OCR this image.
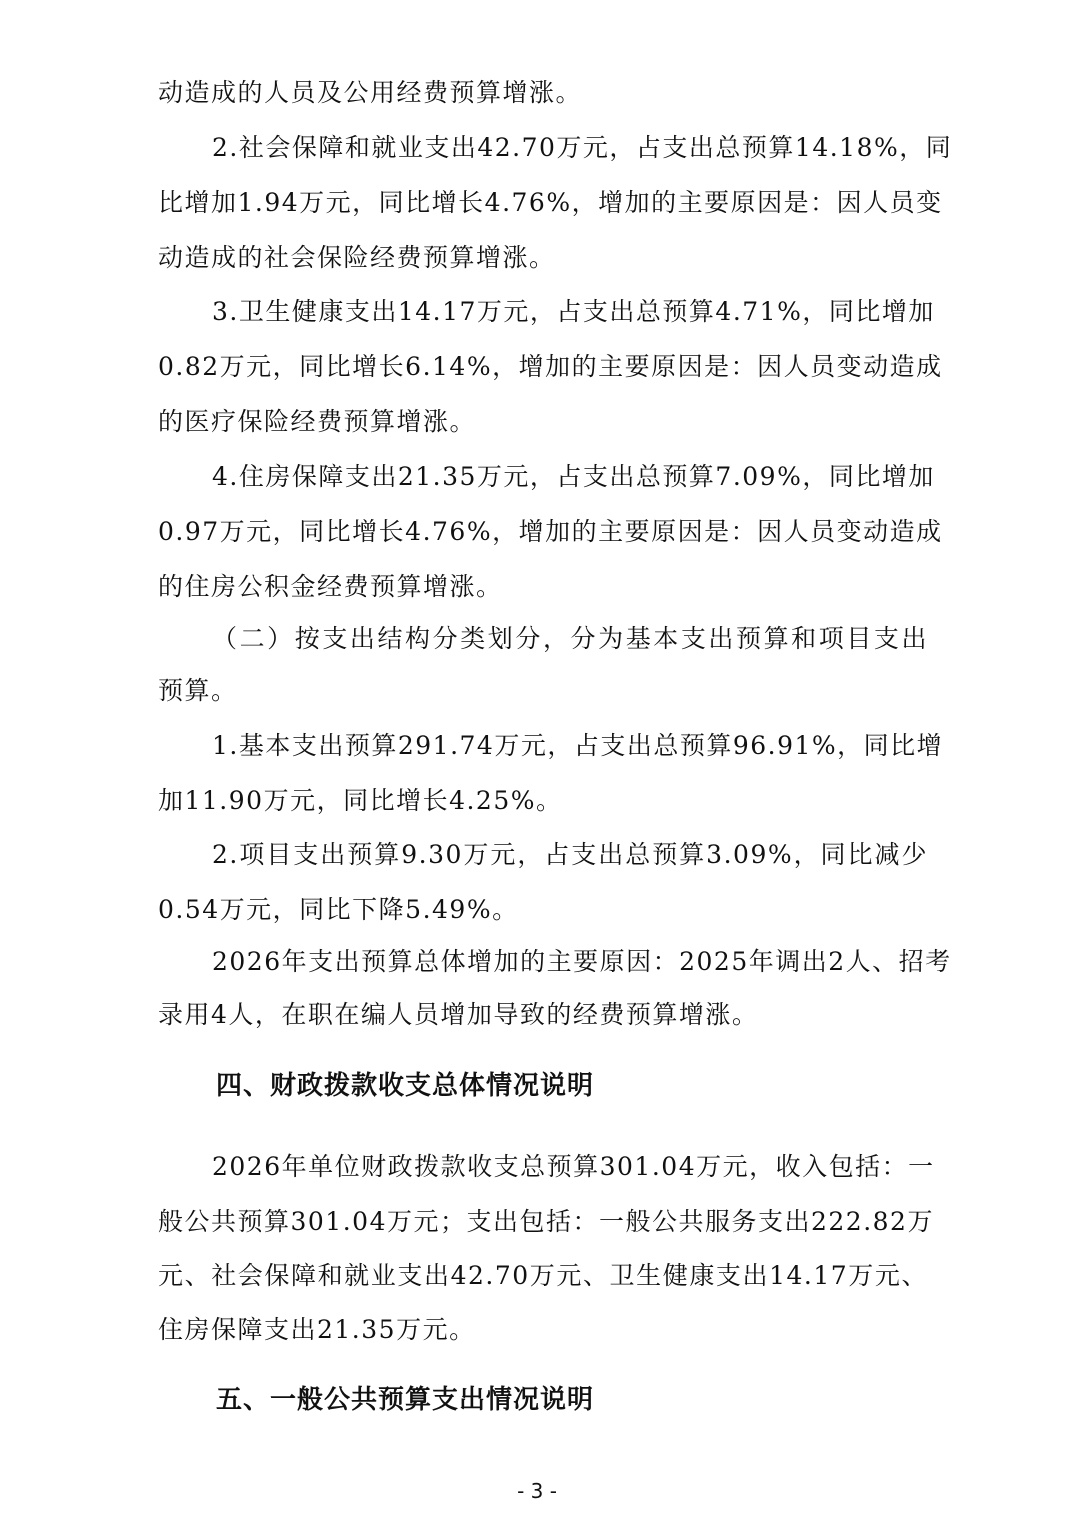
动造成的人员及公用经费预算增涨。
2.社会保障和就业支出42.70万元，占支出总预算14.18%，同
比增加1.94万元，同比增长4.76%，增加的主要原因是：因人员变
动造成的社会保险经费预算增涨。
3.卫生健康支出14.17万元，占支出总预算4.71%，同比增加
0.82万元，同比增长6.14%，增加的主要原因是：因人员变动造成
的医疗保险经费预算增涨。
4.住房保障支出21.35万元，占支出总预算7.09%，同比增加
0.97万元，同比增长4.76%，增加的主要原因是：因人员变动造成
的住房公积金经费预算增涨。
（二）按支出结构分类划分，分为基本支出预算和项目支出
预算。
1.基本支出预算291.74万元，占支出总预算96.91%，同比增
加11.90万元，同比增长4.25%。
2.项目支出预算9.30万元，占支出总预算3.09%，同比减少
0.54万元，同比下降5.49%。
2026年支出预算总体增加的主要原因：2025年调出2人、招考
录用4人，在职在编人员增加导致的经费预算增涨。
四、财政拨款收支总体情况说明
2026年单位财政拨款收支总预算301.04万元，收入包括：一
般公共预算301.04万元；支出包括：一般公共服务支出222.82万
元、社会保障和就业支出42.70万元、卫生健康支出14.17万元、
住房保障支出21.35万元。
五、一般公共预算支出情况说明
- 3 -
